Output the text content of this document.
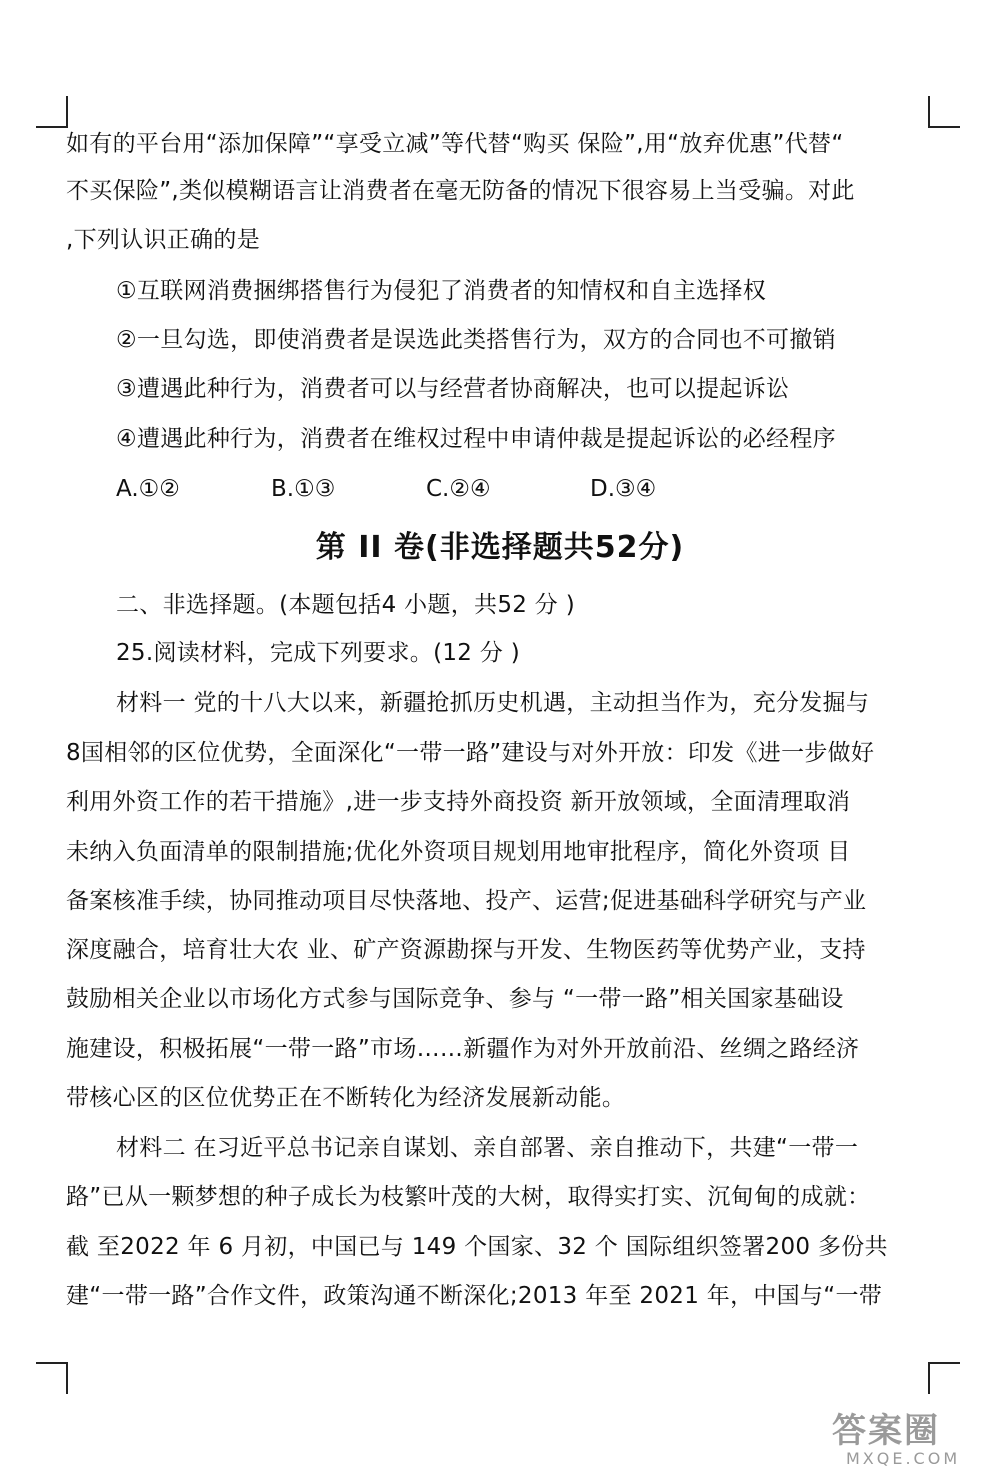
如有的平台用“添加保障”“享受立减”等代替“购买 保险”,用“放弃优惠”代替“
不买保险”,类似模糊语言让消费者在毫无防备的情况下很容易上当受骗。对此
,下列认识正确的是
①互联网消费捆绑搭售行为侵犯了消费者的知情权和自主选择权
②一旦勾选，即使消费者是误选此类搭售行为，双方的合同也不可撤销
③遭遇此种行为，消费者可以与经营者协商解决，也可以提起诉讼
④遭遇此种行为，消费者在维权过程中申请仲裁是提起诉讼的必经程序
A.①②	B.①③	C.②④	D.③④
第 II 卷(非选择题共52分)
二、非选择题。(本题包括4 小题，共52 分 )
25.阅读材料，完成下列要求。(12 分 )
材料一 党的十八大以来，新疆抢抓历史机遇，主动担当作为，充分发掘与
8国相邻的区位优势，全面深化“一带一路”建设与对外开放：印发《进一步做好
利用外资工作的若干措施》,进一步支持外商投资 新开放领域，全面清理取消
未纳入负面清单的限制措施;优化外资项目规划用地审批程序，简化外资项 目
备案核准手续，协同推动项目尽快落地、投产、运营;促进基础科学研究与产业
深度融合，培育壮大农 业、矿产资源勘探与开发、生物医药等优势产业，支持
鼓励相关企业以市场化方式参与国际竞争、参与 “一带一路”相关国家基础设
施建设，积极拓展“一带一路”市场……新疆作为对外开放前沿、丝绸之路经济
带核心区的区位优势正在不断转化为经济发展新动能。
材料二 在习近平总书记亲自谋划、亲自部署、亲自推动下，共建“一带一
路”已从一颗梦想的种子成长为枝繁叶茂的大树，取得实打实、沉甸甸的成就：
截 至2022 年 6 月初，中国已与 149 个国家、32 个 国际组织签署200 多份共
建“一带一路”合作文件，政策沟通不断深化;2013 年至 2021 年，中国与“一带
答案圈
MXQE.COM
